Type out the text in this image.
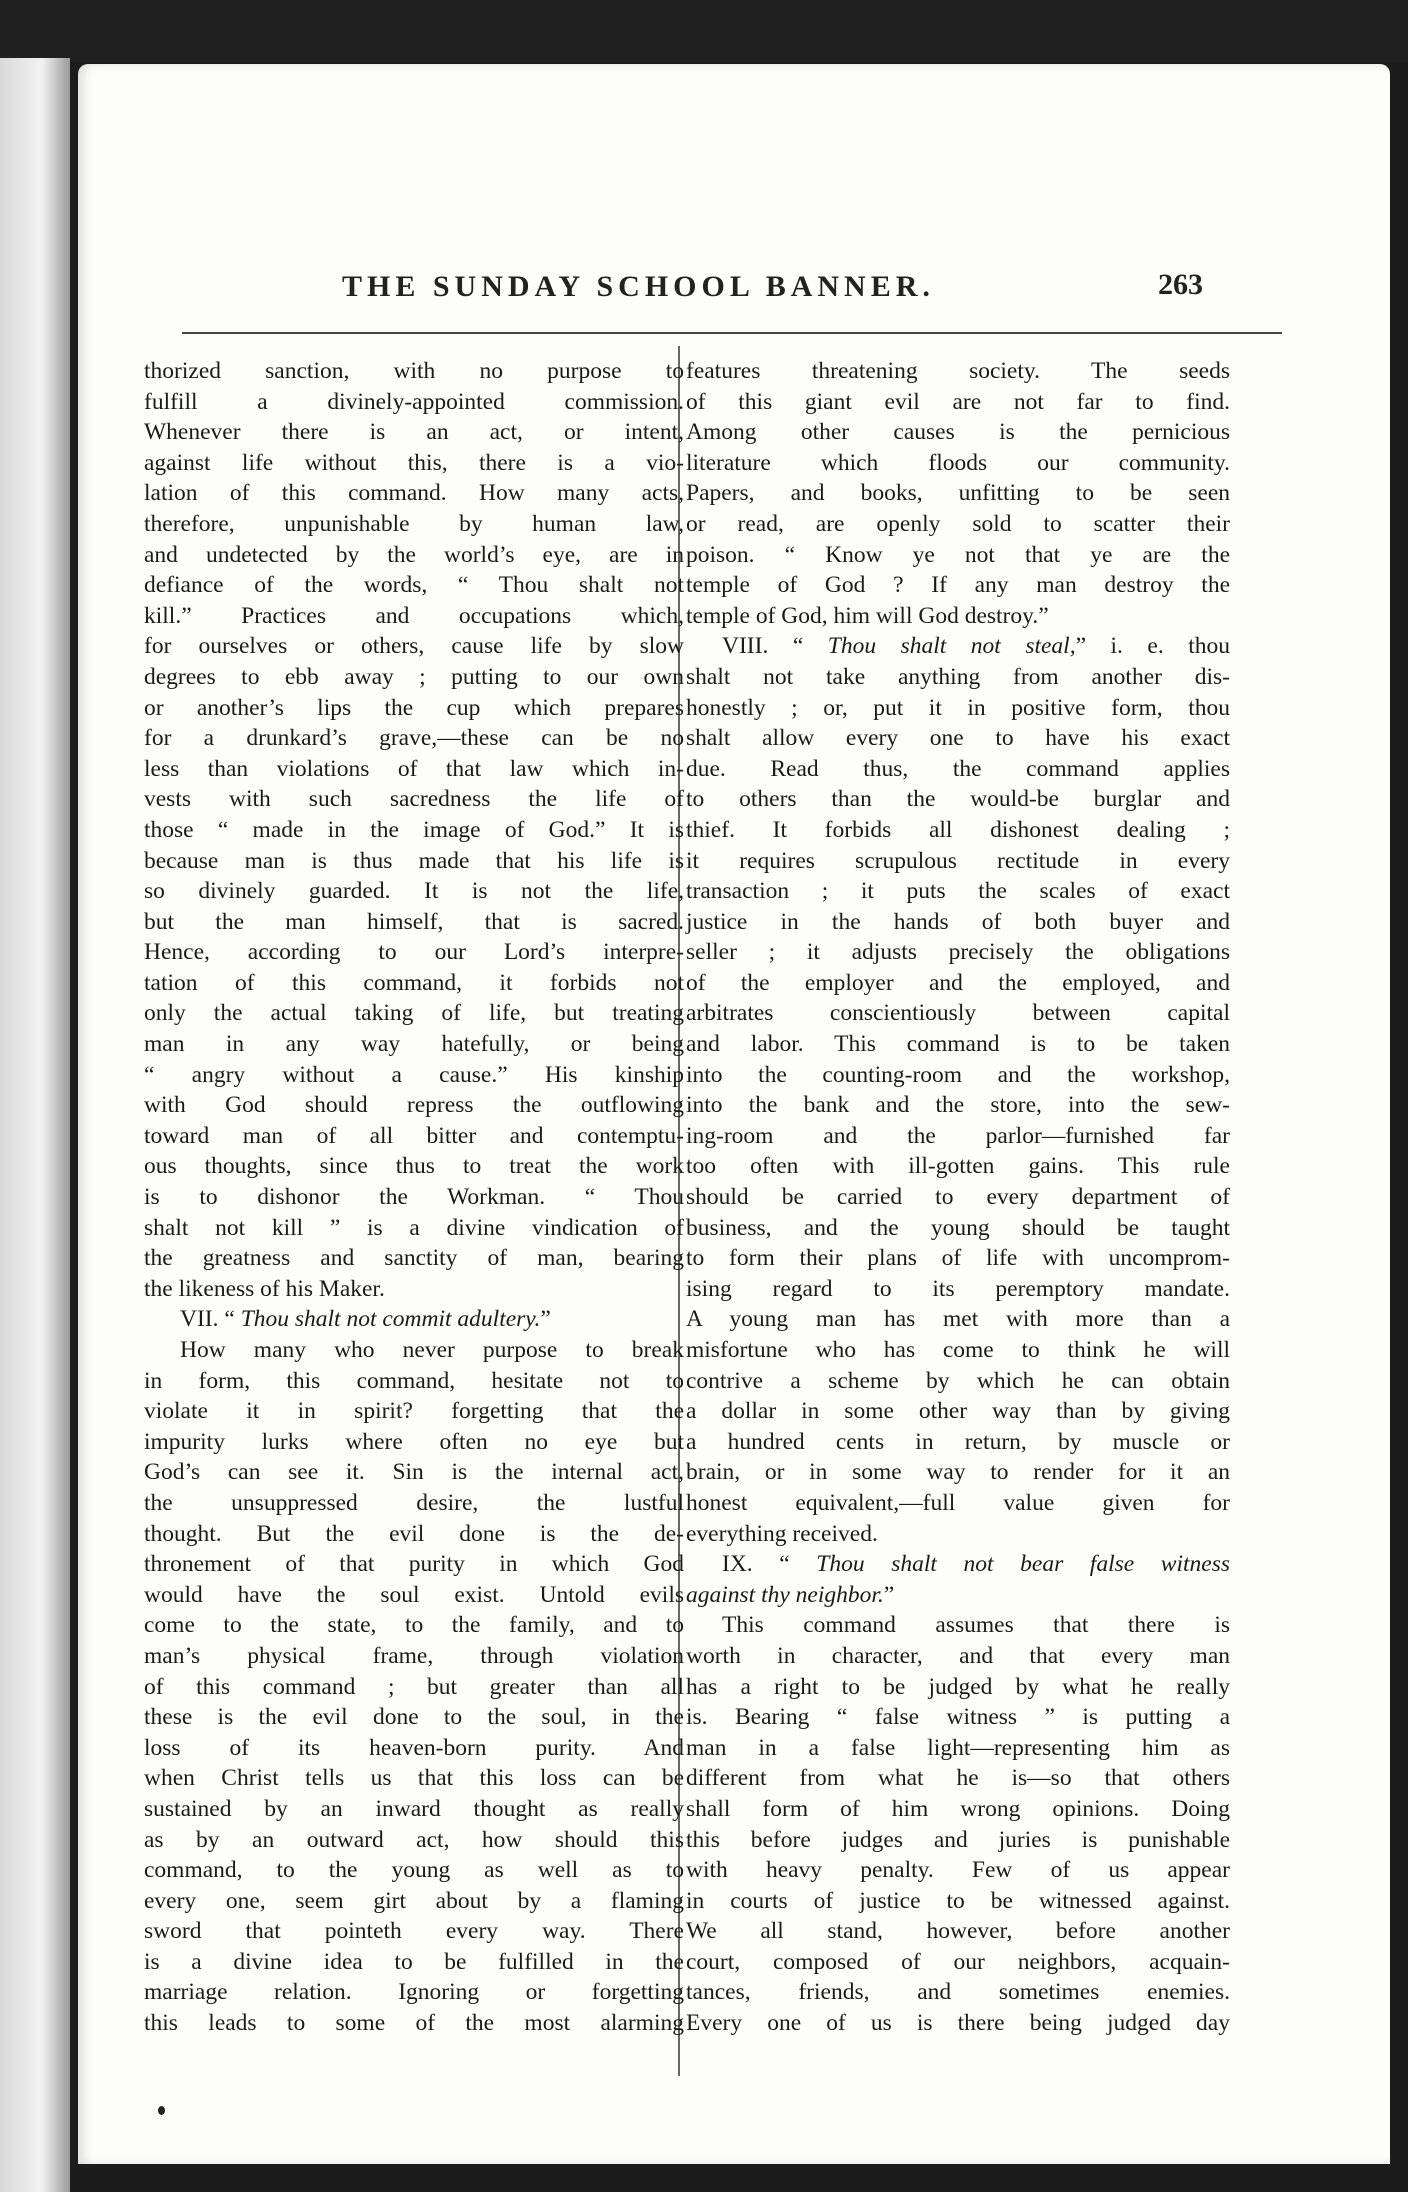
THE SUNDAY SCHOOL BANNER.	263
thorized sanction, with no purpose to
fulfill a divinely-appointed commission.
Whenever there is an act, or intent,
against life without this, there is a vio-
lation of this command. How many acts,
therefore, unpunishable by human law,
and undetected by the world’s eye, are in
defiance of the words, “ Thou shalt not
kill.” Practices and occupations which,
for ourselves or others, cause life by slow
degrees to ebb away ; putting to our own
or another’s lips the cup which prepares
for a drunkard’s grave,—these can be no
less than violations of that law which in-
vests with such sacredness the life of
those “ made in the image of God.” It is
because man is thus made that his life is
so divinely guarded. It is not the life,
but the man himself, that is sacred.
Hence, according to our Lord’s interpre-
tation of this command, it forbids not
only the actual taking of life, but treating
man in any way hatefully, or being
“ angry without a cause.” His kinship
with God should repress the outflowing
toward man of all bitter and contemptu-
ous thoughts, since thus to treat the work
is to dishonor the Workman. “ Thou
shalt not kill ” is a divine vindication of
the greatness and sanctity of man, bearing
the likeness of his Maker.
VII. “ Thou shalt not commit adultery.”
How many who never purpose to break
in form, this command, hesitate not to
violate it in spirit? forgetting that the
impurity lurks where often no eye but
God’s can see it. Sin is the internal act,
the unsuppressed desire, the lustful
thought. But the evil done is the de-
thronement of that purity in which God
would have the soul exist. Untold evils
come to the state, to the family, and to
man’s physical frame, through violation
of this command ; but greater than all
these is the evil done to the soul, in the
loss of its heaven-born purity. And
when Christ tells us that this loss can be
sustained by an inward thought as really
as by an outward act, how should this
command, to the young as well as to
every one, seem girt about by a flaming
sword that pointeth every way. There
is a divine idea to be fulfilled in the
marriage relation. Ignoring or forgetting
this leads to some of the most alarming
features threatening society. The seeds
of this giant evil are not far to find.
Among other causes is the pernicious
literature which floods our community.
Papers, and books, unfitting to be seen
or read, are openly sold to scatter their
poison. “ Know ye not that ye are the
temple of God ? If any man destroy the
temple of God, him will God destroy.”
VIII. “ Thou shalt not steal,” i. e. thou
shalt not take anything from another dis-
honestly ; or, put it in positive form, thou
shalt allow every one to have his exact
due. Read thus, the command applies
to others than the would-be burglar and
thief. It forbids all dishonest dealing ;
it requires scrupulous rectitude in every
transaction ; it puts the scales of exact
justice in the hands of both buyer and
seller ; it adjusts precisely the obligations
of the employer and the employed, and
arbitrates conscientiously between capital
and labor. This command is to be taken
into the counting-room and the workshop,
into the bank and the store, into the sew-
ing-room and the parlor—furnished far
too often with ill-gotten gains. This rule
should be carried to every department of
business, and the young should be taught
to form their plans of life with uncomprom-
ising regard to its peremptory mandate.
A young man has met with more than a
misfortune who has come to think he will
contrive a scheme by which he can obtain
a dollar in some other way than by giving
a hundred cents in return, by muscle or
brain, or in some way to render for it an
honest equivalent,—full value given for
everything received.
IX. “ Thou shalt not bear false witness
against thy neighbor.”
This command assumes that there is
worth in character, and that every man
has a right to be judged by what he really
is. Bearing “ false witness ” is putting a
man in a false light—representing him as
different from what he is—so that others
shall form of him wrong opinions. Doing
this before judges and juries is punishable
with heavy penalty. Few of us appear
in courts of justice to be witnessed against.
We all stand, however, before another
court, composed of our neighbors, acquain-
tances, friends, and sometimes enemies.
Every one of us is there being judged day
